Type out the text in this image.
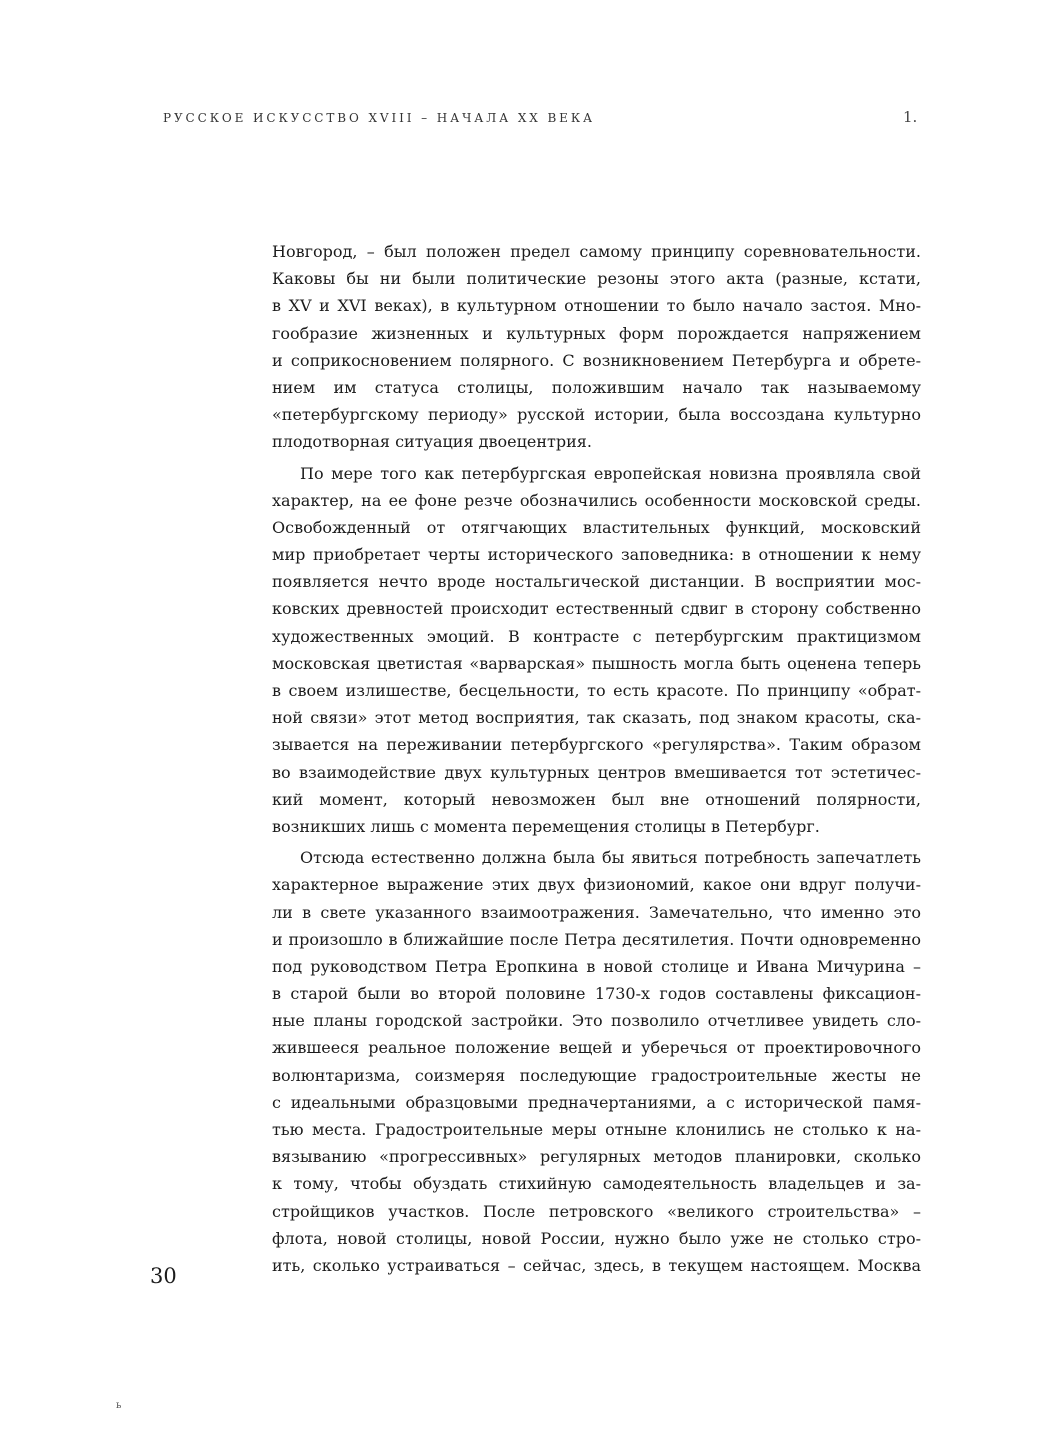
РУССКОЕ ИСКУССТВО XVIII – НАЧАЛА XX ВЕКА	1.
Новгород, – был положен предел самому принципу соревновательности.
Каковы бы ни были политические резоны этого акта (разные, кстати,
в XV и XVI веках), в культурном отношении то было начало застоя. Мно-
гообразие жизненных и культурных форм порождается напряжением
и соприкосновением полярного. С возникновением Петербурга и обрете-
нием им статуса столицы, положившим начало так называемому
«петербургскому периоду» русской истории, была воссоздана культурно
плодотворная ситуация двоецентрия.
По мере того как петербургская европейская новизна проявляла свой
характер, на ее фоне резче обозначились особенности московской среды.
Освобожденный от отягчающих властительных функций, московский
мир приобретает черты исторического заповедника: в отношении к нему
появляется нечто вроде ностальгической дистанции. В восприятии мос-
ковских древностей происходит естественный сдвиг в сторону собственно
художественных эмоций. В контрасте с петербургским практицизмом
московская цветистая «варварская» пышность могла быть оценена теперь
в своем излишестве, бесцельности, то есть красоте. По принципу «обрат-
ной связи» этот метод восприятия, так сказать, под знаком красоты, ска-
зывается на переживании петербургского «регулярства». Таким образом
во взаимодействие двух культурных центров вмешивается тот эстетичес-
кий момент, который невозможен был вне отношений полярности,
возникших лишь с момента перемещения столицы в Петербург.
Отсюда естественно должна была бы явиться потребность запечатлеть
характерное выражение этих двух физиономий, какое они вдруг получи-
ли в свете указанного взаимоотражения. Замечательно, что именно это
и произошло в ближайшие после Петра десятилетия. Почти одновременно
под руководством Петра Еропкина в новой столице и Ивана Мичурина –
в старой были во второй половине 1730-х годов составлены фиксацион-
ные планы городской застройки. Это позволило отчетливее увидеть сло-
жившееся реальное положение вещей и уберечься от проектировочного
волюнтаризма, соизмеряя последующие градостроительные жесты не
с идеальными образцовыми предначертаниями, а с исторической памя-
тью места. Градостроительные меры отныне клонились не столько к на-
вязыванию «прогрессивных» регулярных методов планировки, сколько
к тому, чтобы обуздать стихийную самодеятельность владельцев и за-
стройщиков участков. После петровского «великого строительства» –
флота, новой столицы, новой России, нужно было уже не столько стро-
ить, сколько устраиваться – сейчас, здесь, в текущем настоящем. Москва
30
ь
